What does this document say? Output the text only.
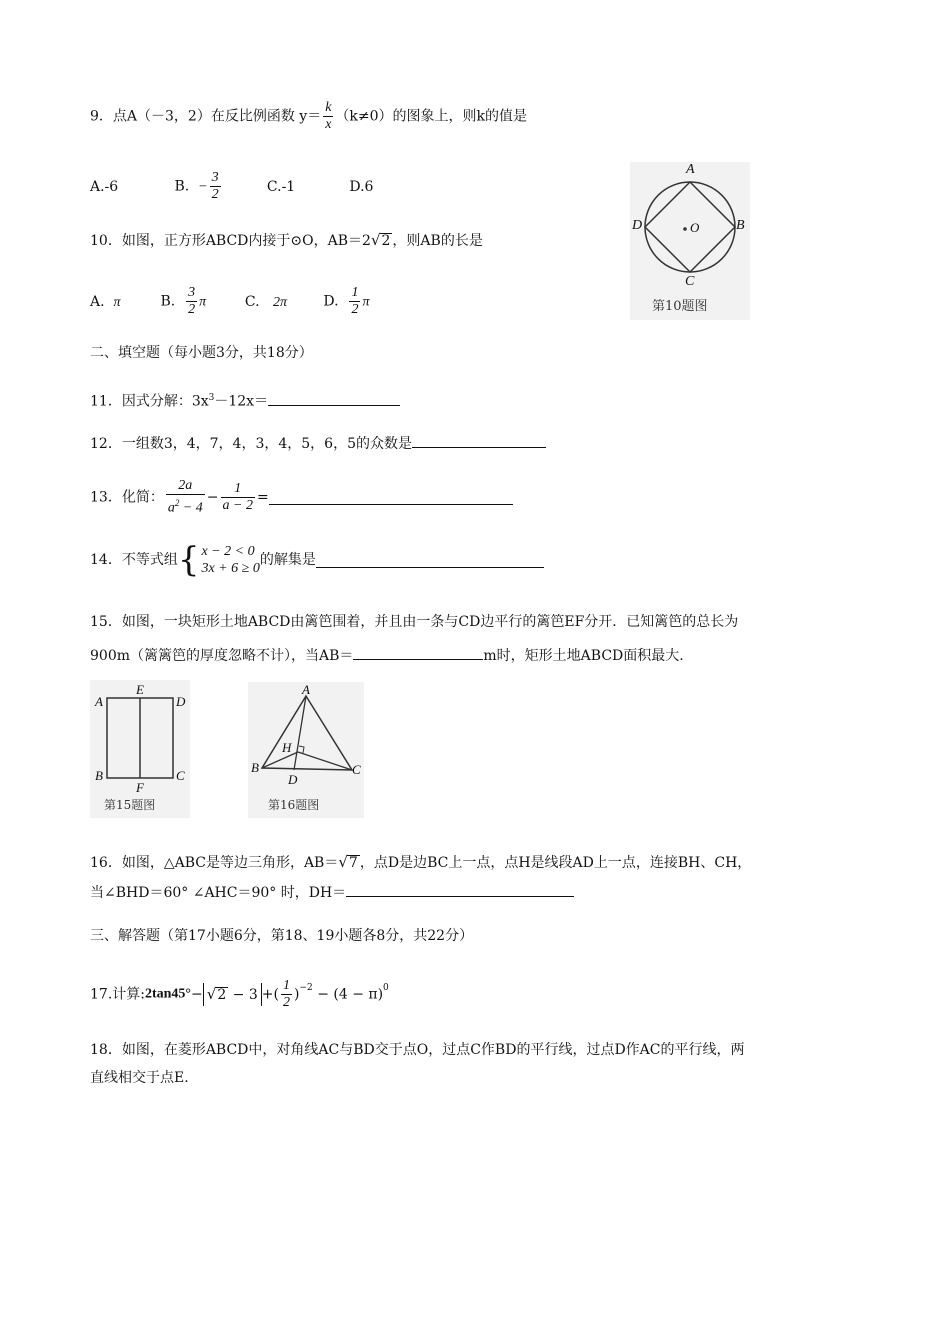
9．点A（－3，2）在反比例函数 $y= \frac{k}{x} (k\ne 0)$的图象上，则k的值是
A.-6	B. − $\frac{3}{2}$	C.-1	D.6
A
B
C
D	O
第10题图
10．如图，正方形ABCD内接于⊙O，AB＝2√2 ，则AB的长是
A. π	B. $\frac{3}{2}$ π	C. 2π	D. $\frac{1}{2}$ π
二、填空题（每小题3分，共18分）
11．因式分解：$3x^3-12x=$
12．一组数3，4，7，4，3，4，5，6，5的众数是
13．化简： $\frac{2a}{a^2 - 4} - \frac{1}{a - 2}$ =
14．不等式组{ x − 2 < 0
3x + 6 ≥ 0
的解集是
15．如图，一块矩形土地ABCD由篱笆围着，并且由一条与CD边平行的篱笆EF分开．已知篱笆的总长为
900m（篱篱笆的厚度忽略不计），当AB＝	m时，矩形土地ABCD面积最大.
A
E
D
B	C
F
第15题图
A
H
B	C
D
第16题图
16．如图，△ABC是等边三角形，AB＝√7 ，点D是边BC上一点，点H是线段AD上一点，连接BH、CH，
当∠BHD＝60° ∠AHC＝90° 时，DH＝
三、解答题（第17小题6分，第18、19小题各8分，共22分）
17.计算:2tan45°− √2 − 3 +( $\frac{1}{2} )^{-2} - (4 - \pi)^0$
18．如图，在菱形ABCD中，对角线AC与BD交于点O，过点C作BD的平行线，过点D作AC的平行线，两
直线相交于点E.
